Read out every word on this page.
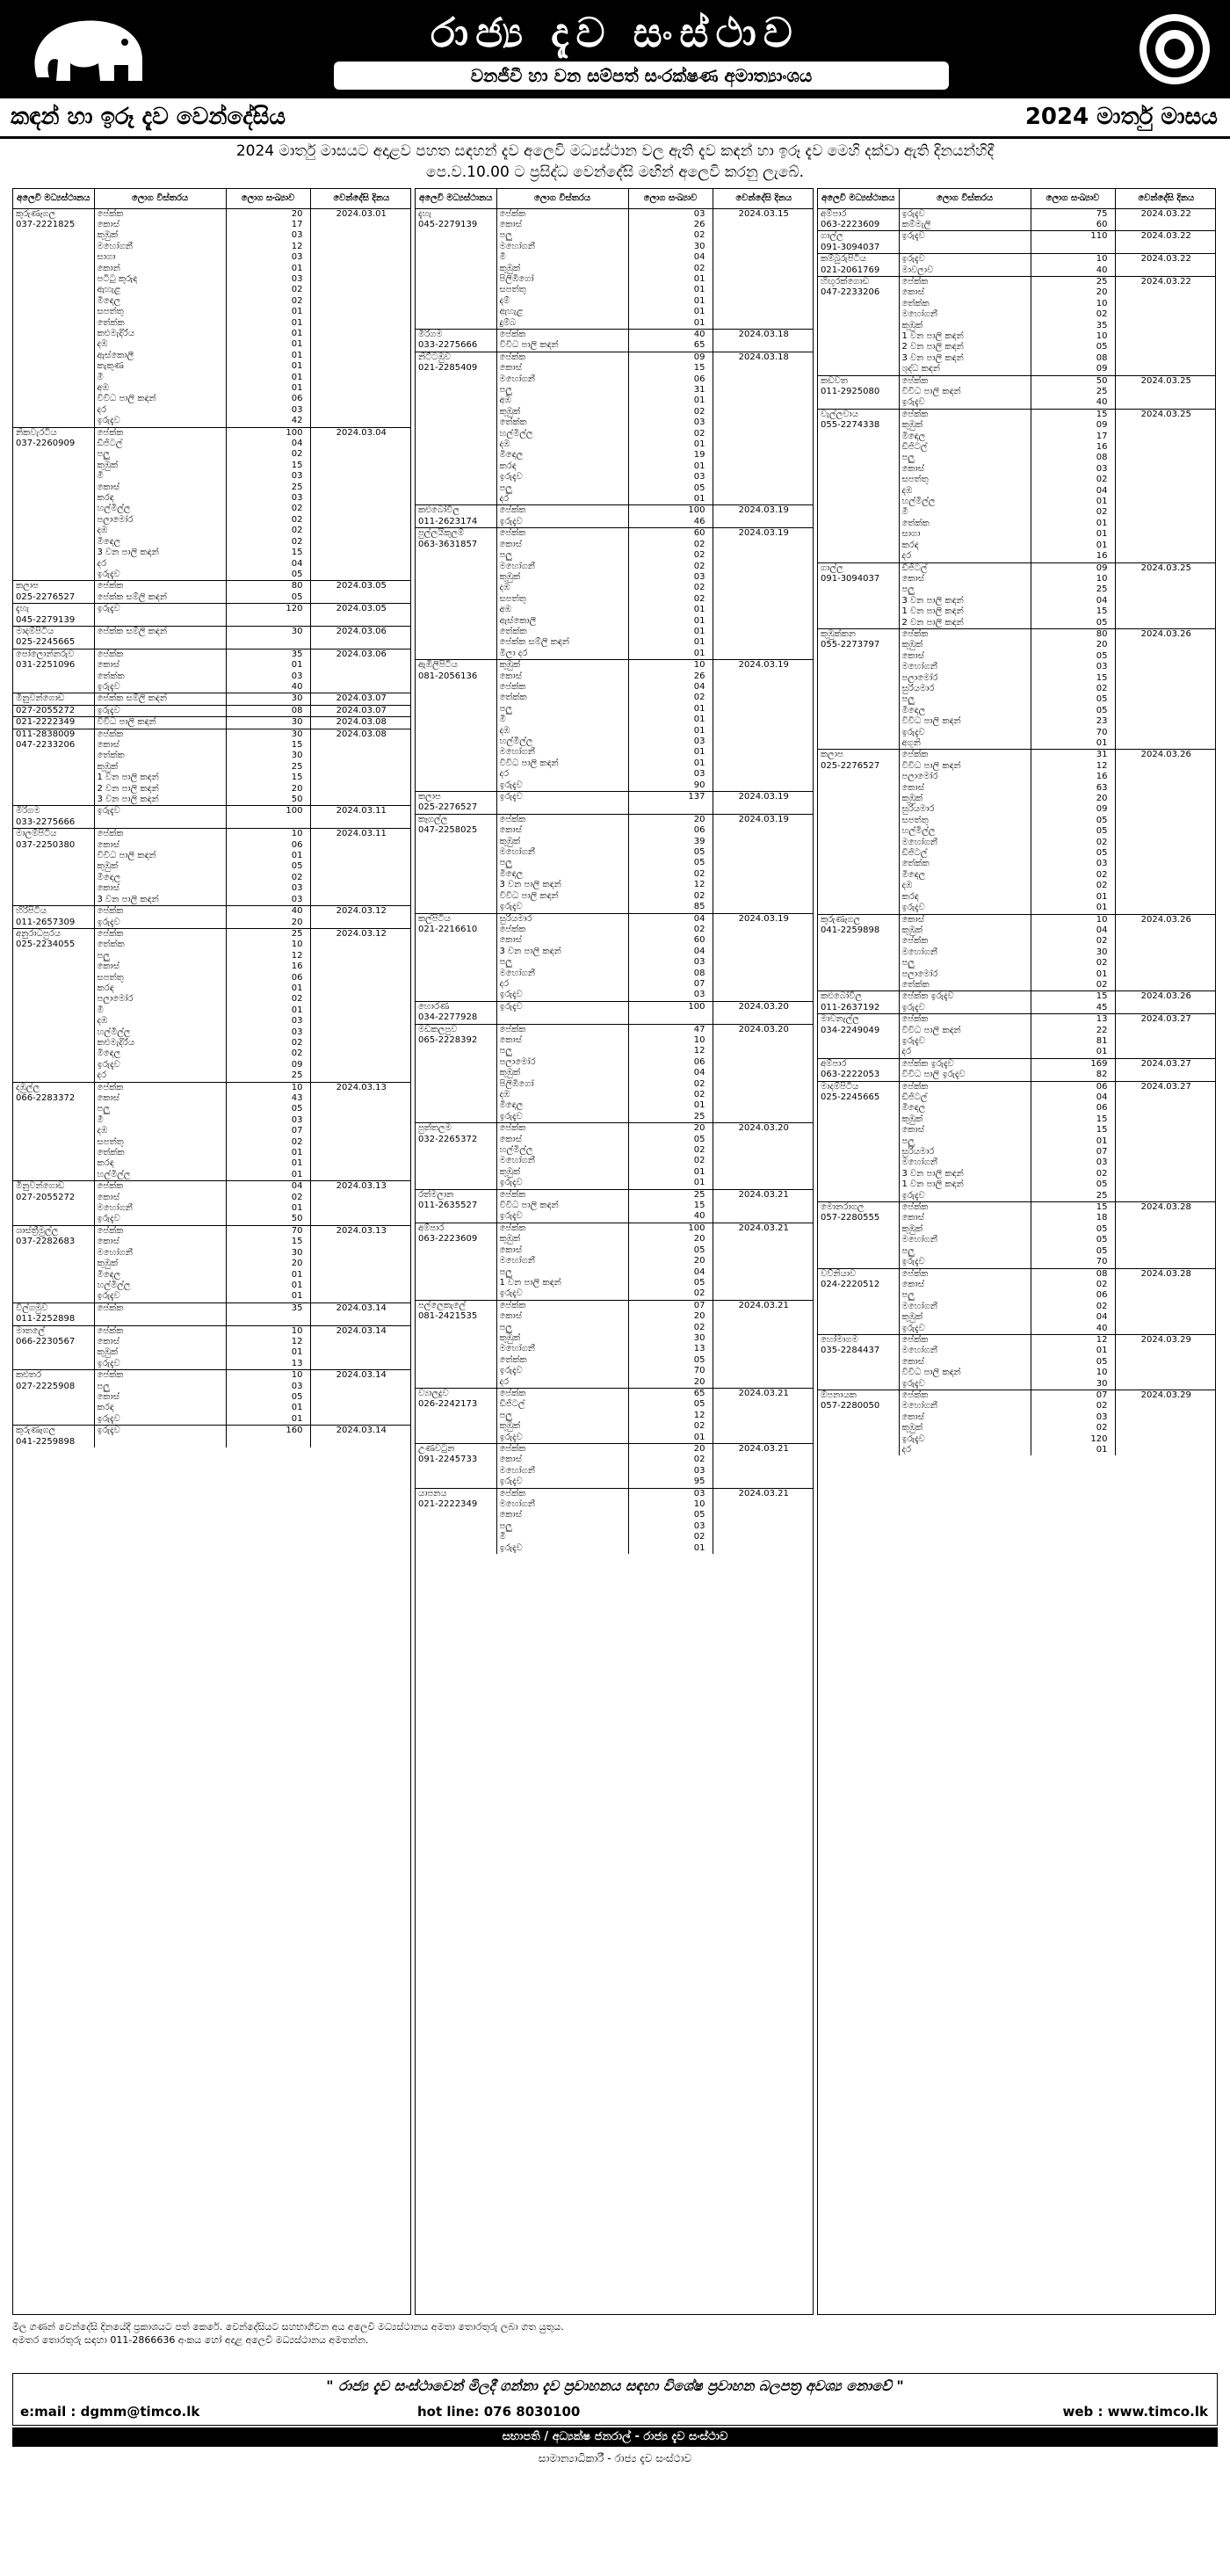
රාජ්‍ය දැව සංස්ථාව
වනජීවී හා වන සම්පත් සංරක්ෂණ අමාත්‍යාංශය
කඳන් හා ඉරූ දැව වෙන්දේසිය	2024 මාර්තු මාසය
2024 මාර්තු මාසයට අදාළව පහත සඳහන් දැව අලෙවි මධ්‍යස්ථාන වල ඇති දැව කඳන් හා ඉරූ දැව මෙහි දක්වා ඇති දිනයන්හිදී
පෙ.ව.10.00 ට ප්‍රසිද්ධ වෙන්දේසි මඟින් අලෙවි කරනු ලැබේ.
අලෙවි මධ්‍යස්ථානය	ලොග විස්තරය	ලොග සංඛ්‍යාව	වෙන්දේසි දිනය
කුරුණෑගල	පේක්ක	20	2024.03.01
037-2221825	කොස්	17	
	කුඹුක්	03	
	මහෝගනී	12	
	සාගා	03	
	කොන්	01	
	පටිටු කුරුඳ	03	
	ඇහැළ	02	
	මිඳෙල	02	
	සපත්තු	01	
	තේක්ක	01	
	කළුමැදිරිය	01	
	දඹ	01	
	ඇස්කොලී	01	
	කැකුණ	01	
	මී	01	
	අඹ	01	
	විවිධ පාලි කඳන්	06	
	දර	03	
	ඉරුදැව	42	
නිකවැරටිය	පේක්ක	100	2024.03.04
037-2260909	ඩිජිටල්	04	
	පලු	02	
	කුඹුක්	15	
	මී	03	
	කොස්	25	
	කරඳ	03	
	හල්මිල්ල	02	
	පලාමෝර	02	
	දඹ	02	
	මිඳෙල	02	
	3 වන පාලි කඳන්	15	
	දර	04	
	ඉරුදැව	05	
කලාප	පේක්ක	80	2024.03.05
025-2276527	පේක්ක සම්ලි කඳන්	05	
දැහැ	ඉරුදැව	120	2024.03.05
045-2279139			
මාදම්පිටිය	පේක්ක සම්ලි කඳන්	30	2024.03.06
025-2245665			
පෝලොන්නරුව	පේක්ක	35	2024.03.06
031-2251096	කොස්	01	
	තේක්ක	03	
	ඉරුදැව	40	
මිනුවන්ගොඩ	පේක්ක සම්ලි කඳන්	30	2024.03.07
027-2055272	ඉරුදැව	08	2024.03.07
021-2222349	විවිධ පාලි කඳන්	30	2024.03.08
011-2838009	පේක්ක	30	2024.03.08
047-2233206	කොස්	15	
	තේක්ක	30	
	කුඹුක්	25	
	1 වන පාලි කඳන්	15	
	2 වන පාලි කඳන්	20	
	3 වන පාලි කඳන්	50	
මිරිගම	ඉරුදැව	100	2024.03.11
033-2275666			
මාලම්පිටිය	පේක්ක	10	2024.03.11
037-2250380	කොස්	06	
	විවිධ පාලි කඳන්	01	
	කුඹුක්	05	
	මිඳෙල	02	
	කොස්	03	
	3 වන පාලි කඳන්	03	
හිරිපිටිය	පේක්ක	40	2024.03.12
011-2657309	ඉරුදැව	20	
අනුරාධපුරය	පේක්ක	25	2024.03.12
025-2234055	තේක්ක	10	
	පලු	12	
	කොස්	16	
	සපත්තු	06	
	කරඳ	01	
	පලාමෝර	02	
	මී	01	
	දඹ	03	
	හල්මිල්ල	03	
	කළුමැදිරිය	02	
	මිඳෙල	02	
	ඉරුදැව	09	
	දර	25	
දඹුල්ල	පේක්ක	10	2024.03.13
066-2283372	කොස්	43	
	පලු	05	
	මී	03	
	දඹ	07	
	සපත්තු	02	
	තේක්ක	01	
	කරඳ	01	
	හල්මිල්ල	01	
මිනුවන්ගොඩ	පේක්ක	04	2024.03.13
027-2055272	කොස්	02	
	මහෝගනී	01	
	ඉරුදැව	50	
ශාස්ත්‍රීමුල්ල	පේක්ක	70	2024.03.13
037-2282683	කොස්	15	
	මහෝගනී	30	
	කුඹුක්	20	
	මිඳෙල	01	
	හල්මිල්ල	01	
	ඉරුදැව	01	
විල්ගමුව	පේක්ක	35	2024.03.14
011-2252898			
මාතලේ	පේක්ක	10	2024.03.14
066-2230567	කොස්	12	
	කුඹුක්	01	
	ඉරුදැව	13	
කළුතර	පේක්ක	10	2024.03.14
027-2225908	පලු	03	
	කොස්	05	
	කරඳ	01	
	ඉරුදැව	01	
කුරුණෑගල	ඉරුදැව	160	2024.03.14
041-2259898			
අලෙවි මධ්‍යස්ථානය	ලොග විස්තරය	ලොග සංඛ්‍යාව	වෙන්දේසි දිනය
දැහැ	පේක්ක	03	2024.03.15
045-2279139	කොස්	26	
	පලු	02	
	මහෝගනී	30	
	මී	04	
	කුඹුක්	02	
	පිලිඹිගෝ	01	
	සපත්තු	01	
	දම්	01	
	ඇහැළ	01	
	දුම්බ	01	
මිරිගම	පේක්ක	40	2024.03.18
033-2275666	විවිධ පාලි කඳන්	65	
නිට්ටඹුව	පේක්ක	09	2024.03.18
021-2285409	කොස්	15	
	මහෝගනී	06	
	පලු	31	
	අඹ	01	
	කුඹුක්	02	
	තේක්ක	03	
	හල්මිල්ල	02	
	දඹ	01	
	මිඳෙල	19	
	කරඳ	01	
	ඉරුදැව	03	
	පලු	05	
	දර	01	
කළුබෝවිල	පේක්ක	100	2024.03.19
011-2623174	ඉරුදැව	46	
පුල්ලයිකුලම්	පේක්ක	60	2024.03.19
063-3631857	කොස්	02	
	පලු	02	
	මහෝගනී	02	
	කුඹුක්	03	
	දඹ	02	
	සපත්තු	02	
	අඹ	01	
	ඇස්කොලී	01	
	තේක්ක	01	
	පේක්ක සම්ලි කඳන්	01	
	මිලා දර	01	
ඇඹිලිපිටිය	කුඹුක්	10	2024.03.19
081-2056136	කොස්	26	
	පේක්ක	04	
	තේක්ක	02	
	පලු	01	
	මී	01	
	දඹ	01	
	හල්මිල්ල	03	
	මහෝගනී	01	
	විවිධ පාලි කඳන්	01	
	දර	03	
	ඉරුදැව	90	
කලාප	ඉරුදැව	137	2024.03.19
025-2276527			
කෑගල්ල	පේක්ක	20	2024.03.19
047-2258025	කොස්	06	
	කුඹුක්	39	
	මහෝගනී	05	
	පලු	05	
	මිඳෙල	02	
	3 වන පාලි කඳන්	12	
	විවිධ පාලි කඳන්	02	
	ඉරුදැව	85	
කල්පිටිය	සුරියමාර	04	2024.03.19
021-2216610	පේක්ක	02	
	කොස්	60	
	3 වන පාලි කඳන්	04	
	පලු	03	
	මහෝගනී	08	
	දර	07	
	ඉරුදැව	03	
හොරණ	ඉරුදැව	100	2024.03.20
034-2277928			
මඩකලපුව	පේක්ක	47	2024.03.20
065-2228392	කොස්	10	
	පලු	12	
	පලාමෝර	06	
	කුඹුක්	04	
	පිලිඹිගෝ	02	
	දඹ	02	
	මිඳෙල	01	
	ඉරුදැව	25	
පුත්තලම	පේක්ක	20	2024.03.20
032-2265372	කොස්	05	
	හල්මිල්ල	02	
	මහෝගනී	02	
	කුඹුක්	01	
	ඉරුදැව	01	
රත්මලාන	පේක්ක	25	2024.03.21
011-2635527	විවිධ පාලි කඳන්	15	
	ඉරුදැව	40	
අම්පාර	පේක්ක	100	2024.03.21
063-2223609	කුඹුක්	20	
	කොස්	05	
	මහෝගනී	20	
	පලු	04	
	1 වන පාලි කඳන්	05	
	ඉරුදැව	02	
පල්ලෙකැලේ	පේක්ක	07	2024.03.21
081-2421535	කොස්	20	
	පලු	02	
	කුඹුක්	30	
	මහෝගනී	13	
	තේක්ක	05	
	ඉරුදැව	70	
	දර	20	
ව්‍යාලදුව	පේක්ක	65	2024.03.21
026-2242173	ඩිජිටල්	05	
	පලු	12	
	කුඹුක්	02	
	ඉරුදැව	01	
උණවටුන	පේක්ක	20	2024.03.21
091-2245733	කොස්	02	
	මහෝගනී	03	
	ඉරුදැව	95	
යාපනය	පේක්ක	03	2024.03.21
021-2222349	මහෝගනී	10	
	කොස්	05	
	පලු	03	
	මී	02	
	ඉරුදැව	01	
අලෙවි මධ්‍යස්ථානය	ලොග විස්තරය	ලොග සංඛ්‍යාව	වෙන්දේසි දිනය
අම්පාර	ඉරුදැව	75	2024.03.22
063-2223609	කම්මැලි	60	
ගාල්ල	ඉරුදැව	110	2024.03.22
091-3094037			
කම්බුරුපිටිය	ඉරුදැව	10	2024.03.22
021-2061769	මාවලාව	40	
හිඟුරක්ගොඩ	පේක්ක	25	2024.03.22
047-2233206	කොස්	20	
	තේක්ක	10	
	මහෝගනී	02	
	කුඹුක්	35	
	1 වන පාලි කඳන්	10	
	2 වන පාලි කඳන්	05	
	3 වන පාලි කඳන්	08	
	ශුද්ධ කඳන්	09	
කඩවත	පේක්ක	50	2024.03.25
011-2925080	විවිධ පාලි කඳන්	25	
	ඉරුදැව	40	
වැල්ලවාය	පේක්ක	15	2024.03.25
055-2274338	කුඹුක්	09	
	මිඳෙල	17	
	ඩිජිටල්	16	
	පලු	08	
	කොස්	03	
	සපත්තු	02	
	දඹ	04	
	හල්මිල්ල	01	
	මී	02	
	තේක්ක	01	
	සාගා	01	
	කරඳ	01	
	දර	16	
ගාල්ල	ඩිජිටල්	09	2024.03.25
091-3094037	කොස්	10	
	පලු	25	
	3 වන පාලි කඳන්	04	
	1 වන පාලි කඳන්	15	
	2 වන පාලි කඳන්	05	
කුඹුක්කන	පේක්ක	80	2024.03.26
055-2273797	කුඹුක්	20	
	කොස්	05	
	මහෝගනී	03	
	පලාමෝර	15	
	සුරියමාර	02	
	පලු	05	
	මිඳෙල	05	
	විවිධ පාලි කඳන්	23	
	ඉරුදැව	70	
	අගුනි	01	
කලාප	පේක්ක	31	2024.03.26
025-2276527	විවිධ පාලි කඳන්	12	
	පලාමෝර	16	
	කොස්	63	
	කුඹුක්	20	
	සුරියමාර	09	
	සපත්තු	05	
	හල්මිල්ල	05	
	මහෝගනී	02	
	ඩිජිටල්	05	
	තේක්ක	03	
	මිඳෙල	02	
	දඹ	02	
	කරඳ	01	
	ඉරුදැව	01	
කුරුණෑගල	කොස්	10	2024.03.26
041-2259898	කුඹුක්	04	
	පේක්ක	02	
	මහෝගනී	30	
	පලු	02	
	පලාමෝර	01	
	තේක්ක	02	
කළුබෝවිල	පේක්ක ඉරුදැව	15	2024.03.26
011-2637192	ඉරුදැව	45	
මාවනැල්ල	පේක්ක	13	2024.03.27
034-2249049	විවිධ පාලි කඳන්	22	
	ඉරුදැව	81	
	දර	01	
අම්පාර	පේක්ක ඉරුදැව	169	2024.03.27
063-2222053	විවිධ පාලි ඉරුදැව	82	
මාදම්පිටිය	පේක්ක	06	2024.03.27
025-2245665	ඩිජිටල්	04	
	මිඳෙල	06	
	කුඹුක්	15	
	කොස්	15	
	පලු	01	
	සුරියමාර	07	
	මහෝගනී	03	
	3 වන පාලි කඳන්	02	
	1 වන පාලි කඳන්	05	
	ඉරුදැව	25	
මොනරාගල	පේක්ක	15	2024.03.28
057-2280555	කොස්	18	
	කුඹුක්	05	
	මහෝගනී	05	
	පලු	05	
	ඉරුදැව	70	
වව්නියාව	පේක්ක	08	2024.03.28
024-2220512	කොස්	02	
	පලු	06	
	මහෝගනී	02	
	කුඹුක්	04	
	ඉරුදැව	40	
හෝමාගම	පේක්ක	12	2024.03.29
035-2284437	මහෝගනී	01	
	කොස්	05	
	විවිධ පාලි කඳන්	10	
	ඉරුදැව	30	
ඕපනායක	පේක්ක	07	2024.03.29
057-2280050	මහෝගනී	02	
	කොස්	03	
	කුඹුක්	02	
	ඉරුදැව	120	
	දර	01	
මිල ගණන් වෙන්දේසි දිනයේදී ප්‍රකාශයට පත් කෙරේ. වෙන්දේසියට සහභාගීවන අය අලෙවි මධ්‍යස්ථානය අමතා තොරතුරු ලබා ගත යුතුය.
අමතර තොරතුරු සඳහා 011-2866636 අංකය හෝ අදාළ අලෙවි මධ්‍යස්ථානය අමතන්න.
" රාජ්‍ය දැව සංස්ථාවෙන් මිලදී ගන්නා දැව ප්‍රවාහනය සඳහා විශේෂ ප්‍රවාහන බලපත්‍ර අවශ්‍ය නොවේ "
e:mail : dgmm@timco.lk	hot line: 076 8030100	web : www.timco.lk
සභාපති / අධ්‍යක්ෂ ජනරාල් - රාජ්‍ය දැව සංස්ථාව
සාමාන්‍යාධිකාරී - රාජ්‍ය දැව සංස්ථාව
